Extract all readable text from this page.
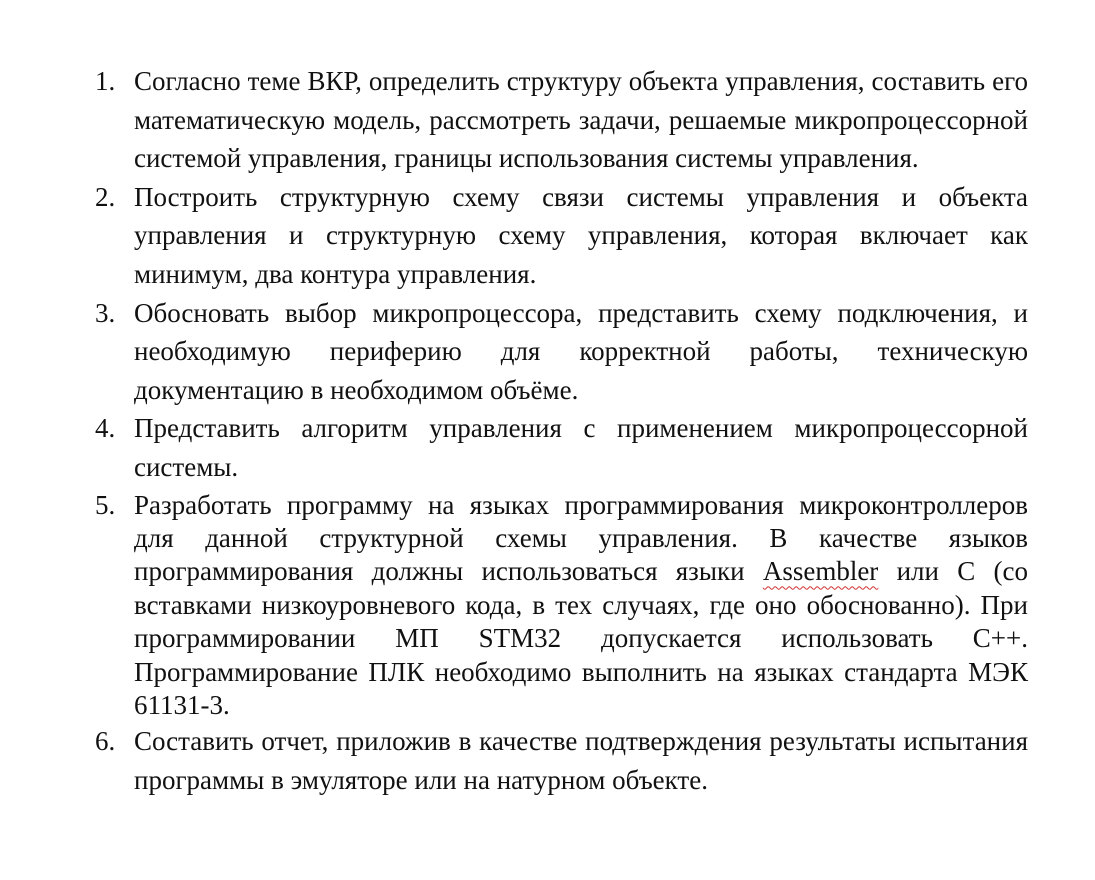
1. Согласно теме ВКР, определить структуру объекта управления, составить его математическую модель, рассмотреть задачи, решаемые микропроцессорной системой управления, границы использования системы управления.
2. Построить структурную схему связи системы управления и объекта управления и структурную схему управления, которая включает как минимум, два контура управления.
3. Обосновать выбор микропроцессора, представить схему подключения, и необходимую периферию для корректной работы, техническую документацию в необходимом объёме.
4. Представить алгоритм управления с применением микропроцессорной системы.
5. Разработать программу на языках программирования микроконтроллеров для данной структурной схемы управления. В качестве языков программирования должны использоваться языки Assembler или С (со вставками низкоуровневого кода, в тех случаях, где оно обоснованно). При программировании МП STM32 допускается использовать С++. Программирование ПЛК необходимо выполнить на языках стандарта МЭК 61131-3.
6. Составить отчет, приложив в качестве подтверждения результаты испытания программы в эмуляторе или на натурном объекте.
